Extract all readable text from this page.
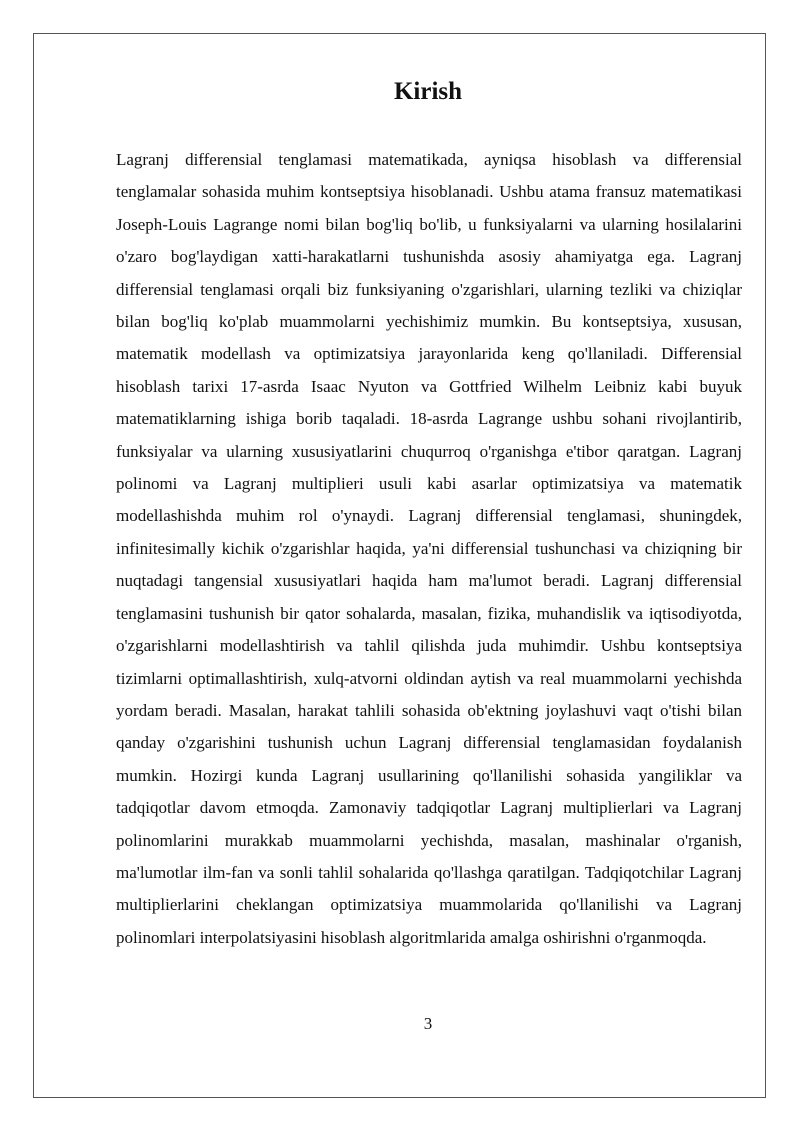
Kirish

Lagranj differensial tenglamasi matematikada, ayniqsa hisoblash va differensial tenglamalar sohasida muhim kontseptsiya hisoblanadi. Ushbu atama fransuz matematikasi Joseph-Louis Lagrange nomi bilan bog'liq bo'lib, u funksiyalarni va ularning hosilalarini o'zaro bog'laydigan xatti-harakatlarni tushunishda asosiy ahamiyatga ega. Lagranj differensial tenglamasi orqali biz funksiyaning o'zgarishlari, ularning tezliki va chiziqlar bilan bog'liq ko'plab muammolarni yechishimiz mumkin. Bu kontseptsiya, xususan, matematik modellash va optimizatsiya jarayonlarida keng qo'llaniladi. Differensial hisoblash tarixi 17-asrda Isaac Nyuton va Gottfried Wilhelm Leibniz kabi buyuk matematiklarning ishiga borib taqaladi. 18-asrda Lagrange ushbu sohani rivojlantirib, funksiyalar va ularning xususiyatlarini chuqurroq o'rganishga e'tibor qaratgan. Lagranj polinomi va Lagranj multiplieri usuli kabi asarlar optimizatsiya va matematik modellashishda muhim rol o'ynaydi. Lagranj differensial tenglamasi, shuningdek, infinitesimally kichik o'zgarishlar haqida, ya'ni differensial tushunchasi va chiziqning bir nuqtadagi tangensial xususiyatlari haqida ham ma'lumot beradi. Lagranj differensial tenglamasini tushunish bir qator sohalarda, masalan, fizika, muhandislik va iqtisodiyotda, o'zgarishlarni modellashtirish va tahlil qilishda juda muhimdir. Ushbu kontseptsiya tizimlarni optimallashtirish, xulq-atvorni oldindan aytish va real muammolarni yechishda yordam beradi. Masalan, harakat tahlili sohasida ob'ektning joylashuvi vaqt o'tishi bilan qanday o'zgarishini tushunish uchun Lagranj differensial tenglamasidan foydalanish mumkin. Hozirgi kunda Lagranj usullarining qo'llanilishi sohasida yangiliklar va tadqiqotlar davom etmoqda. Zamonaviy tadqiqotlar Lagranj multiplierlari va Lagranj polinomlarini murakkab muammolarni yechishda, masalan, mashinalar o'rganish, ma'lumotlar ilm-fan va sonli tahlil sohalarida qo'llashga qaratilgan. Tadqiqotchilar Lagranj multiplierlarini cheklangan optimizatsiya muammolarida qo'llanilishi va Lagranj polinomlari interpolatsiyasini hisoblash algoritmlarida amalga oshirishni o'rganmoqda.

3
